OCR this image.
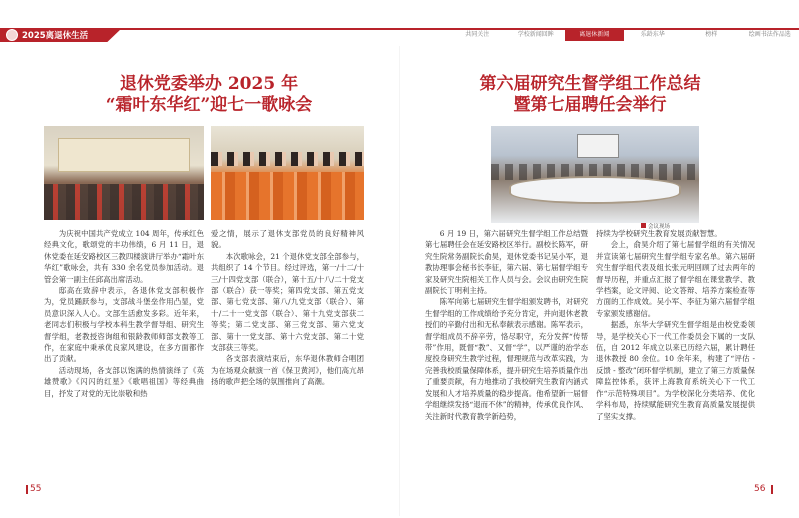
2025离退休生活	共同关注	学校新闻回眸	离退休新闻	乐龄东华	榜样	绘画书法作品选
退休党委举办 2025 年
“霜叶东华红”迎七一歌咏会

为庆祝中国共产党成立 104 周年，传承红色经典文化，歌颂党的丰功伟绩，6 月 11 日，退休党委在延安路校区三教四楼演讲厅举办“霜叶东华红”歌咏会，共有 330 余名党员参加活动。退管会第一副主任邱高出席活动。

邸高在致辞中表示，各退休党支部积极作为，党员踊跃参与，支部战斗堡垒作用凸显，党员意识深入人心。文部生活愈发多彩。近年来，老同志们积极与学校本科生教学督导组、研究生督学组，老教授咨询组和银龄教师师部支教等工作，在家庭中秉承优良家风建设，在多方面都作出了贡献。

活动现场，各支部以饱满的热情演绎了《英雄赞歌》《闪闪的红星》《歌唱祖国》等经典曲目，抒发了对党的无比崇敬和热

爱之情，展示了退休支部党员的良好精神风貌。

本次歌咏会，21 个退休党支部全部参与，共组织了 14 个节目。经过评选，第一/十二/十三/十四党支部（联合），第十五/十八/二十党支部（联合）获一等奖；第四党支部、第五党支部、第七党支部、第八/九党支部（联合）、第十/二十一党支部（联合）、第十九党支部获二等奖；第二党支部、第三党支部、第六党支部、第十一党支部、第十六党支部、第二十党支部获三等奖。

各支部表演结束后，东华退休教师合唱团为在场观众献演一首《保卫黄河》，他们高亢昂扬的歌声把全场的氛围推向了高潮。

第六届研究生督学组工作总结
暨第七届聘任会举行
会议现场

6 月 19 日，第六届研究生督学组工作总结暨第七届聘任会在延安路校区举行。副校长陈军，研究生院常务副院长俞昊，退休党委书记吴小军，退教协理事会秘书长李征，第六届、第七届督学组专家及研究生院相关工作人员与会。会议由研究生院副院长丁明利主持。

陈军向第七届研究生督学组颁发聘书，对研究生督学组的工作成绩给予充分肯定，并向退休老教授们的辛勤付出和无私奉献表示感谢。陈军表示，督学组成员不辞辛劳，恪尽职守，充分发挥“传帮带”作用，既督“教”、又督“学”，以严谨的治学态度投身研究生教学过程，督理规范与改革实践，为完善我校质量保障体系，提升研究生培养质量作出了重要贡献，有力地推动了我校研究生教育内涵式发展和人才培养质量的稳步提高。他希望新一届督学组继续发扬“退而不休”的精神，传承优良作风、关注新时代教育教学新趋势，

持续为学校研究生教育发展贡献智慧。

会上，俞昊介绍了第七届督学组的有关情况并宣读第七届研究生督学组专家名单。第六届研究生督学组代表及组长张元明回顾了过去两年的督导历程，并重点汇报了督学组在课堂教学、教学档案，论文评阅、论文答辩、培养方案检查等方面的工作成效。吴小军、李征为第六届督学组专家颁发感谢信。

据悉，东华大学研究生督学组是由校党委领导，是学校关心下一代工作委员会下属的一支队伍，自 2012 年成立以来已历经六届，累计聘任退休教授 80 余位。10 余年来，构建了“评估 - 反馈 - 整改”闭环督学机制，建立了第三方质量保障监控体系，获评上海教育系统关心下一代工作“示范特殊项目”。为学校深化分类培养、优化学科布局，持续赋能研究生教育高质量发展提供了坚实支撑。

55	56
